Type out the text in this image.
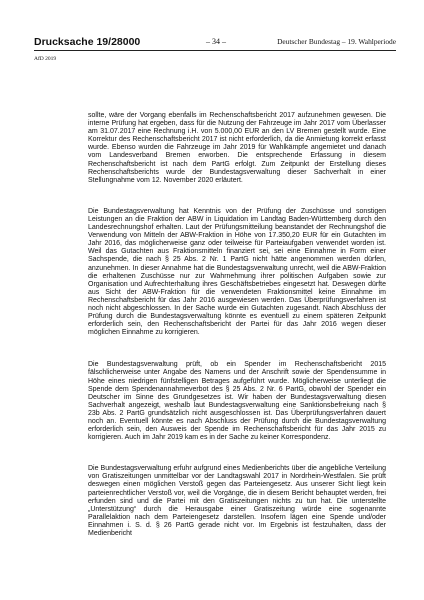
Drucksache 19/28000	– 34 –	Deutscher Bundestag – 19. Wahlperiode
AfD 2019

sollte, wäre der Vorgang ebenfalls im Rechenschaftsbericht 2017 aufzunehmen gewesen. Die interne Prüfung hat ergeben, dass für die Nutzung der Fahrzeuge im Jahr 2017 vom Überlasser am 31.07.2017 eine Rechnung i.H. von 5.000,00 EUR an den LV Bremen gestellt wurde. Eine Korrektur des Rechenschaftsbericht 2017 ist nicht erforderlich, da die Anmietung korrekt erfasst wurde. Ebenso wurden die Fahrzeuge im Jahr 2019 für Wahlkämpfe angemietet und danach vom Landesverband Bremen erworben. Die entsprechende Erfassung in diesem Rechenschaftsbericht ist nach dem PartG erfolgt. Zum Zeitpunkt der Erstellung dieses Rechenschaftsberichts wurde der Bundestagsverwaltung dieser Sachverhalt in einer Stellungnahme vom 12. November 2020 erläutert.

Die Bundestagsverwaltung hat Kenntnis von der Prüfung der Zuschüsse und sonstigen Leistungen an die Fraktion der ABW in Liquidation im Landtag Baden-Württemberg durch den Landesrechnungshof erhalten. Laut der Prüfungsmitteilung beanstandet der Rechnungshof die Verwendung von Mitteln der ABW-Fraktion in Höhe von 17.350,20 EUR für ein Gutachten im Jahr 2016, das möglicherweise ganz oder teilweise für Parteiaufgaben verwendet worden ist. Weil das Gutachten aus Fraktionsmitteln finanziert sei, sei eine Einnahme in Form einer Sachspende, die nach § 25 Abs. 2 Nr. 1 PartG nicht hätte angenommen werden dürfen, anzunehmen. In dieser Annahme hat die Bundestagsverwaltung unrecht, weil die ABW-Fraktion die erhaltenen Zuschüsse nur zur Wahrnehmung ihrer politischen Aufgaben sowie zur Organisation und Aufrechterhaltung ihres Geschäftsbetriebes eingesetzt hat. Deswegen dürfte aus Sicht der ABW-Fraktion für die verwendeten Fraktionsmittel keine Einnahme im Rechenschaftsbericht für das Jahr 2016 ausgewiesen werden. Das Überprüfungsverfahren ist noch nicht abgeschlossen. In der Sache wurde ein Gutachten zugesandt. Nach Abschluss der Prüfung durch die Bundestagsverwaltung könnte es eventuell zu einem späteren Zeitpunkt erforderlich sein, den Rechenschaftsbericht der Partei für das Jahr 2016 wegen dieser möglichen Einnahme zu korrigieren.

Die Bundestagsverwaltung prüft, ob ein Spender im Rechenschaftsbericht 2015 fälschlicherweise unter Angabe des Namens und der Anschrift sowie der Spendensumme in Höhe eines niedrigen fünfstelligen Betrages aufgeführt wurde. Möglicherweise unterliegt die Spende dem Spendenannahmeverbot des § 25 Abs. 2 Nr. 6 PartG, obwohl der Spender ein Deutscher im Sinne des Grundgesetzes ist. Wir haben der Bundestagsverwaltung diesen Sachverhalt angezeigt, weshalb laut Bundestagsverwaltung eine Sanktionsbefreiung nach § 23b Abs. 2 PartG grundsätzlich nicht ausgeschlossen ist. Das Überprüfungsverfahren dauert noch an. Eventuell könnte es nach Abschluss der Prüfung durch die Bundestagsverwaltung erforderlich sein, den Ausweis der Spende im Rechenschaftsbericht für das Jahr 2015 zu korrigieren. Auch im Jahr 2019 kam es in der Sache zu keiner Korrespondenz.

Die Bundestagsverwaltung erfuhr aufgrund eines Medienberichts über die angebliche Verteilung von Gratiszeitungen unmittelbar vor der Landtagswahl 2017 in Nordrhein-Westfalen. Sie prüft deswegen einen möglichen Verstoß gegen das Parteiengesetz. Aus unserer Sicht liegt kein parteienrechtlicher Verstoß vor, weil die Vorgänge, die in diesem Bericht behauptet werden, frei erfunden sind und die Partei mit den Gratiszeitungen nichts zu tun hat. Die unterstellte „Unterstützung“ durch die Herausgabe einer Gratiszeitung würde eine sogenannte Parallelaktion nach dem Parteiengesetz darstellen. Insofern lägen eine Spende und/oder Einnahmen i. S. d. § 26 PartG gerade nicht vor. Im Ergebnis ist festzuhalten, dass der Medienbericht
